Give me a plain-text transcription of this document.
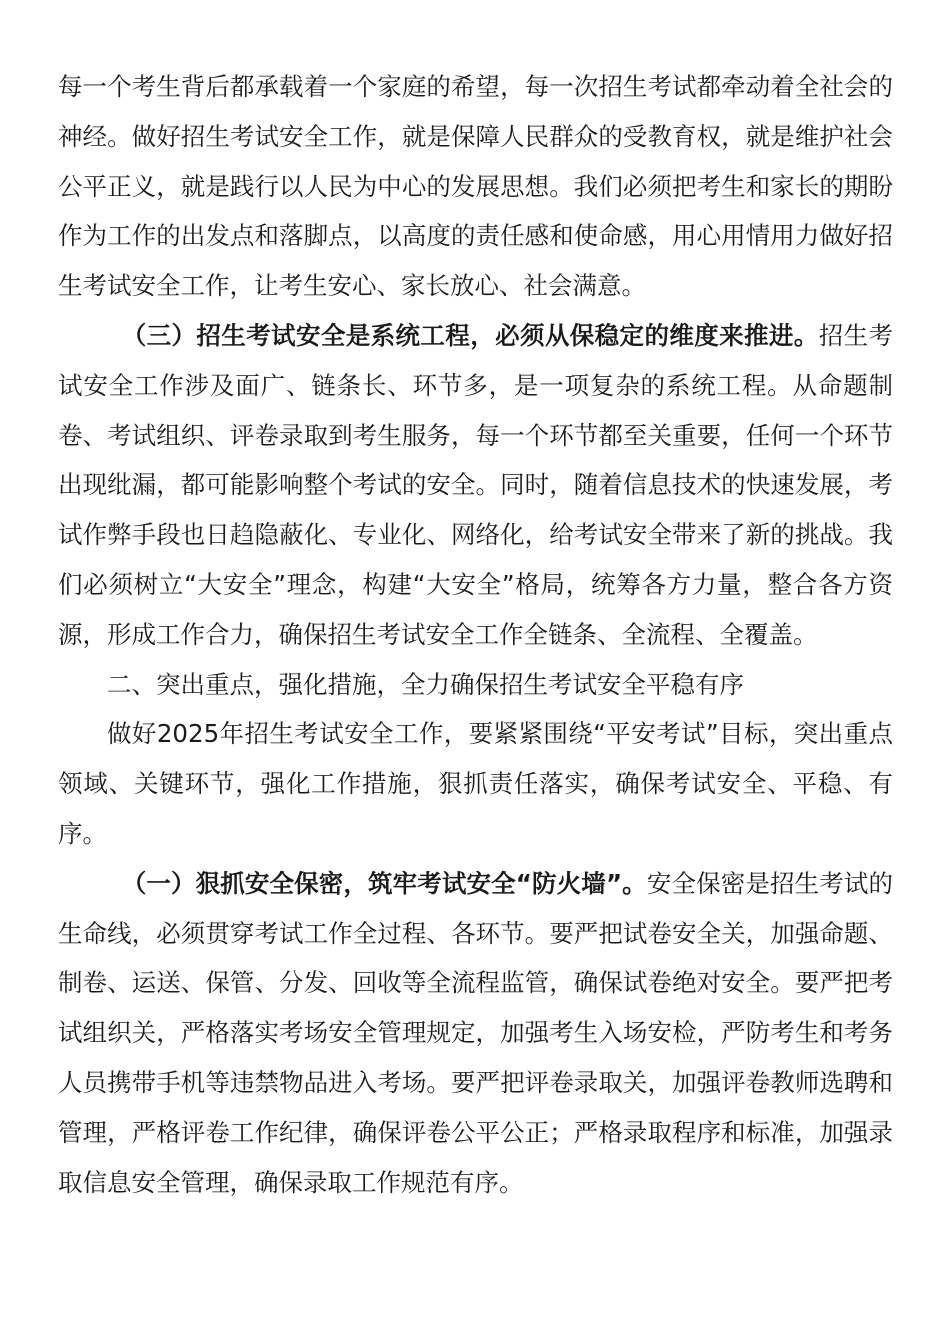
每一个考生背后都承载着一个家庭的希望，每一次招生考试都牵动着全社会的神经。做好招生考试安全工作，就是保障人民群众的受教育权，就是维护社会公平正义，就是践行以人民为中心的发展思想。我们必须把考生和家长的期盼作为工作的出发点和落脚点，以高度的责任感和使命感，用心用情用力做好招生考试安全工作，让考生安心、家长放心、社会满意。

（三）招生考试安全是系统工程，必须从保稳定的维度来推进。招生考试安全工作涉及面广、链条长、环节多，是一项复杂的系统工程。从命题制卷、考试组织、评卷录取到考生服务，每一个环节都至关重要，任何一个环节出现纰漏，都可能影响整个考试的安全。同时，随着信息技术的快速发展，考试作弊手段也日趋隐蔽化、专业化、网络化，给考试安全带来了新的挑战。我们必须树立“大安全”理念，构建“大安全”格局，统筹各方力量，整合各方资源，形成工作合力，确保招生考试安全工作全链条、全流程、全覆盖。

二、突出重点，强化措施，全力确保招生考试安全平稳有序

做好2025年招生考试安全工作，要紧紧围绕“平安考试”目标，突出重点领域、关键环节，强化工作措施，狠抓责任落实，确保考试安全、平稳、有序。

（一）狠抓安全保密，筑牢考试安全“防火墙”。安全保密是招生考试的生命线，必须贯穿考试工作全过程、各环节。要严把试卷安全关，加强命题、制卷、运送、保管、分发、回收等全流程监管，确保试卷绝对安全。要严把考试组织关，严格落实考场安全管理规定，加强考生入场安检，严防考生和考务人员携带手机等违禁物品进入考场。要严把评卷录取关，加强评卷教师选聘和管理，严格评卷工作纪律，确保评卷公平公正；严格录取程序和标准，加强录取信息安全管理，确保录取工作规范有序。
